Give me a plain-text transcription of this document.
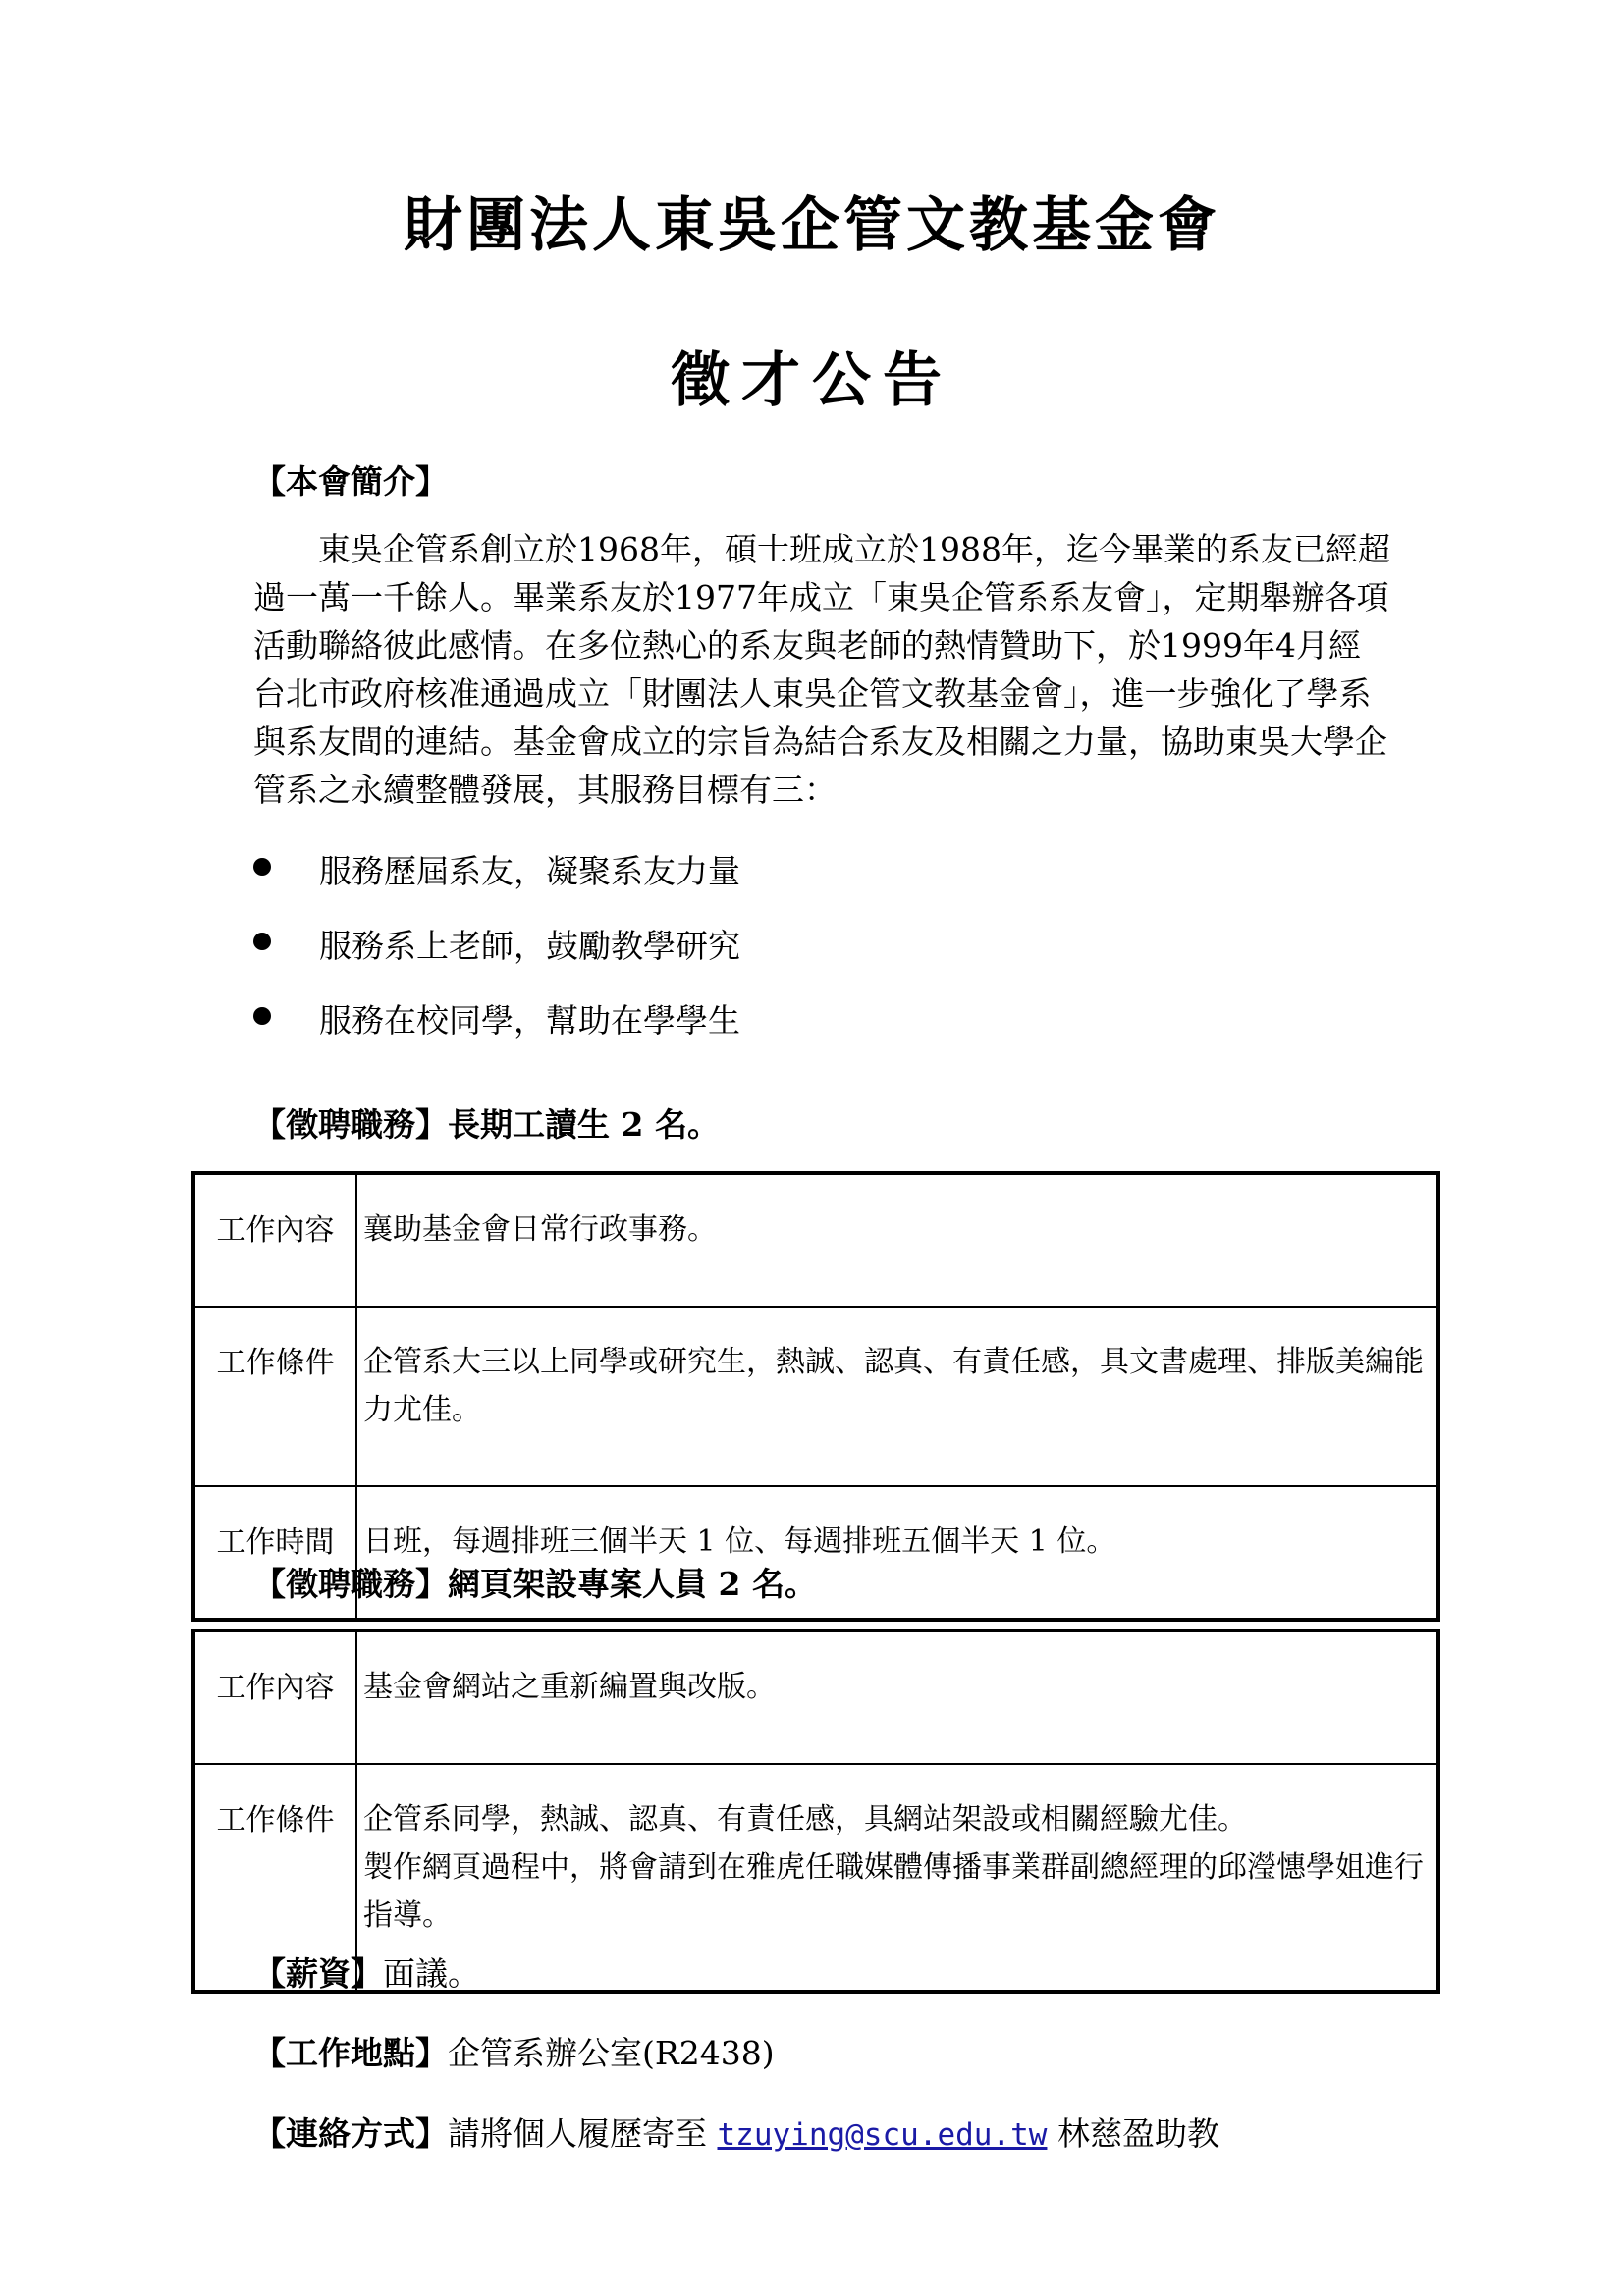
財團法人東吳企管文教基金會
徵才公告

【本會簡介】

東吳企管系創立於1968年，碩士班成立於1988年，迄今畢業的系友已經超過一萬一千餘人。畢業系友於1977年成立「東吳企管系系友會」，定期舉辦各項活動聯絡彼此感情。在多位熱心的系友與老師的熱情贊助下，於1999年4月經台北市政府核准通過成立「財團法人東吳企管文教基金會」，進一步強化了學系與系友間的連結。基金會成立的宗旨為結合系友及相關之力量，協助東吳大學企管系之永續整體發展，其服務目標有三：

服務歷屆系友，凝聚系友力量
服務系上老師，鼓勵教學研究
服務在校同學，幫助在學學生

【徵聘職務】長期工讀生 2 名。

工作內容	襄助基金會日常行政事務。
工作條件	企管系大三以上同學或研究生，熱誠、認真、有責任感，具文書處理、排版美編能力尤佳。
工作時間	日班，每週排班三個半天 1 位、每週排班五個半天 1 位。

【徵聘職務】網頁架設專案人員 2 名。

工作內容	基金會網站之重新編置與改版。
工作條件	企管系同學，熱誠、認真、有責任感，具網站架設或相關經驗尤佳。
製作網頁過程中，將會請到在雅虎任職媒體傳播事業群副總經理的邱瀅憓學姐進行指導。

【薪資】面議。

【工作地點】企管系辦公室(R2438)

【連絡方式】請將個人履歷寄至 tzuying@scu.edu.tw 林慈盈助教
